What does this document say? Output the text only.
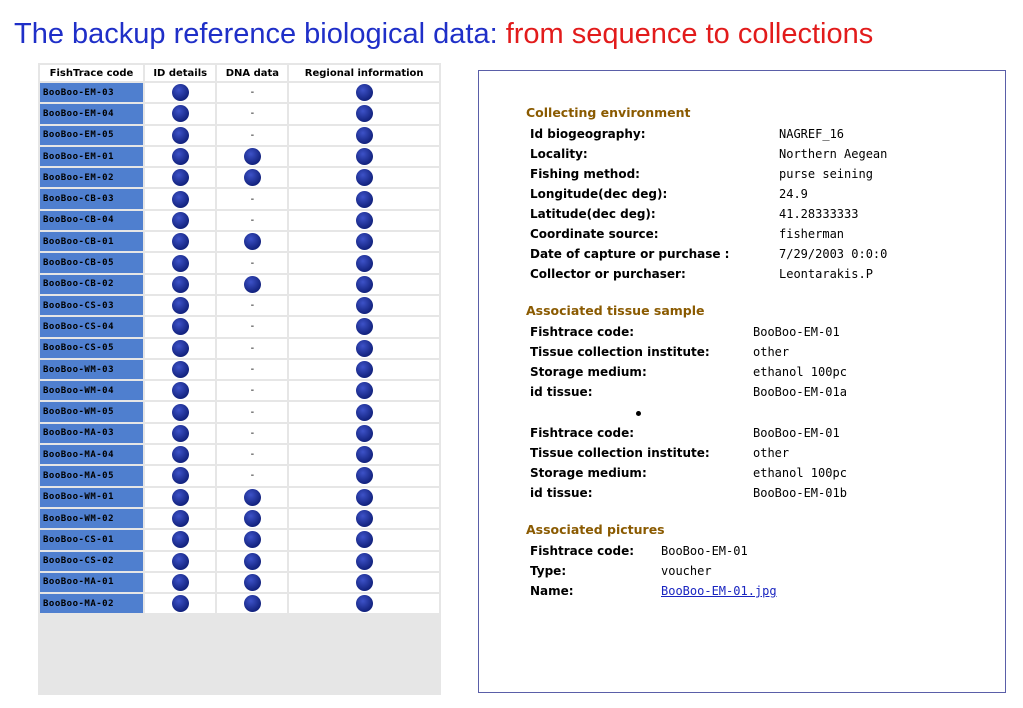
The backup reference biological data: from sequence to collections
FishTrace code	ID details	DNA data	Regional information
BooBoo-EM-03		-	
BooBoo-EM-04		-	
BooBoo-EM-05		-	
BooBoo-EM-01			
BooBoo-EM-02			
BooBoo-CB-03		-	
BooBoo-CB-04		-	
BooBoo-CB-01			
BooBoo-CB-05		-	
BooBoo-CB-02			
BooBoo-CS-03		-	
BooBoo-CS-04		-	
BooBoo-CS-05		-	
BooBoo-WM-03		-	
BooBoo-WM-04		-	
BooBoo-WM-05		-	
BooBoo-MA-03		-	
BooBoo-MA-04		-	
BooBoo-MA-05		-	
BooBoo-WM-01			
BooBoo-WM-02			
BooBoo-CS-01			
BooBoo-CS-02			
BooBoo-MA-01			
BooBoo-MA-02			
Collecting environment
Id biogeography:	NAGREF_16
Locality:	Northern Aegean
Fishing method:	purse seining
Longitude(dec deg):	24.9
Latitude(dec deg):	41.28333333
Coordinate source:	fisherman
Date of capture or purchase :	7/29/2003 0:0:0
Collector or purchaser:	Leontarakis.P
Associated tissue sample
Fishtrace code:	BooBoo-EM-01
Tissue collection institute:	other
Storage medium:	ethanol 100pc
id tissue:	BooBoo-EM-01a
Fishtrace code:	BooBoo-EM-01
Tissue collection institute:	other
Storage medium:	ethanol 100pc
id tissue:	BooBoo-EM-01b
Associated pictures
Fishtrace code: BooBoo-EM-01
Type:	voucher
Name:	BooBoo-EM-01.jpg
